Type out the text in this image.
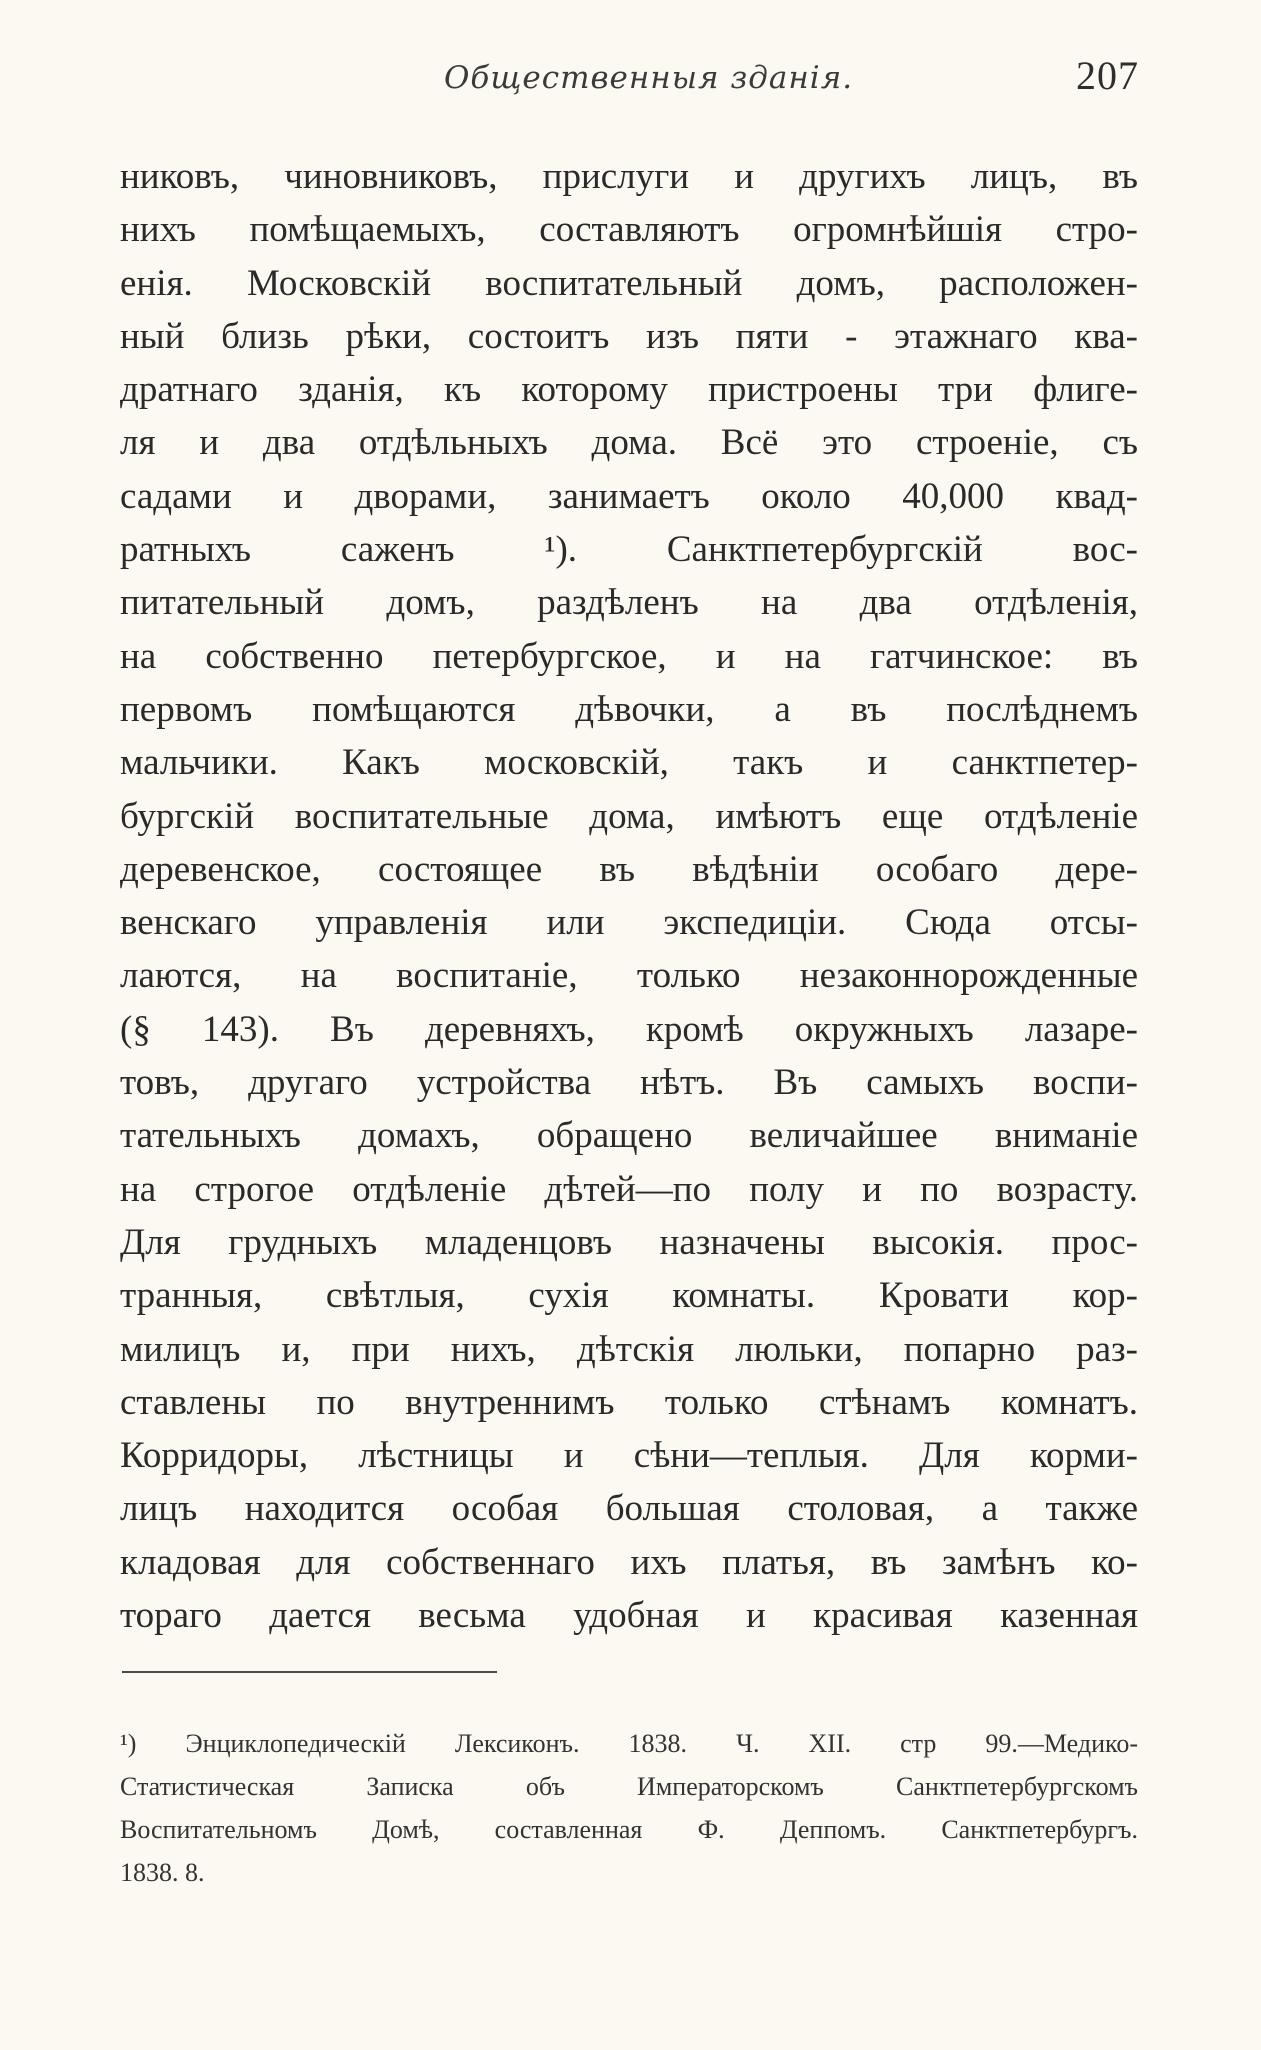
Общественныя зданія.	207
никовъ, чиновниковъ, прислуги и другихъ лицъ, въ
нихъ помѣщаемыхъ, составляютъ огромнѣйшія стро-
енія. Московскій воспитательный домъ, расположен-
ный близь рѣки, состоитъ изъ пяти - этажнаго ква-
дратнаго зданія, къ которому пристроены три флиге-
ля и два отдѣльныхъ дома. Всё это строеніе, съ
садами и дворами, занимаетъ около 40,000 квад-
ратныхъ саженъ ¹). Санктпетербургскій вос-
питательный домъ, раздѣленъ на два отдѣленія,
на собственно петербургское, и на гатчинское: въ
первомъ помѣщаются дѣвочки, а въ послѣднемъ
мальчики. Какъ московскій, такъ и санктпетер-
бургскій воспитательные дома, имѣютъ еще отдѣленіе
деревенское, состоящее въ вѣдѣніи особаго дере-
венскаго управленія или экспедиціи. Сюда отсы-
лаются, на воспитаніе, только незаконнорожденные
(§ 143). Въ деревняхъ, кромѣ окружныхъ лазаре-
товъ, другаго устройства нѣтъ. Въ самыхъ воспи-
тательныхъ домахъ, обращено величайшее вниманіе
на строгое отдѣленіе дѣтей—по полу и по возрасту.
Для грудныхъ младенцовъ назначены высокія. прос-
транныя, свѣтлыя, сухія комнаты. Кровати кор-
милицъ и, при нихъ, дѣтскія люльки, попарно раз-
ставлены по внутреннимъ только стѣнамъ комнатъ.
Корридоры, лѣстницы и сѣни—теплыя. Для корми-
лицъ находится особая большая столовая, а также
кладовая для собственнаго ихъ платья, въ замѣнъ ко-
тораго дается весьма удобная и красивая казенная
¹) Энциклопедическій Лексиконъ. 1838. Ч. XII. стр 99.—Медико-
Статистическая Записка объ Императорскомъ Санктпетербургскомъ
Воспитательномъ Домѣ, составленная Ф. Деппомъ. Санктпетербургъ.
1838. 8.
